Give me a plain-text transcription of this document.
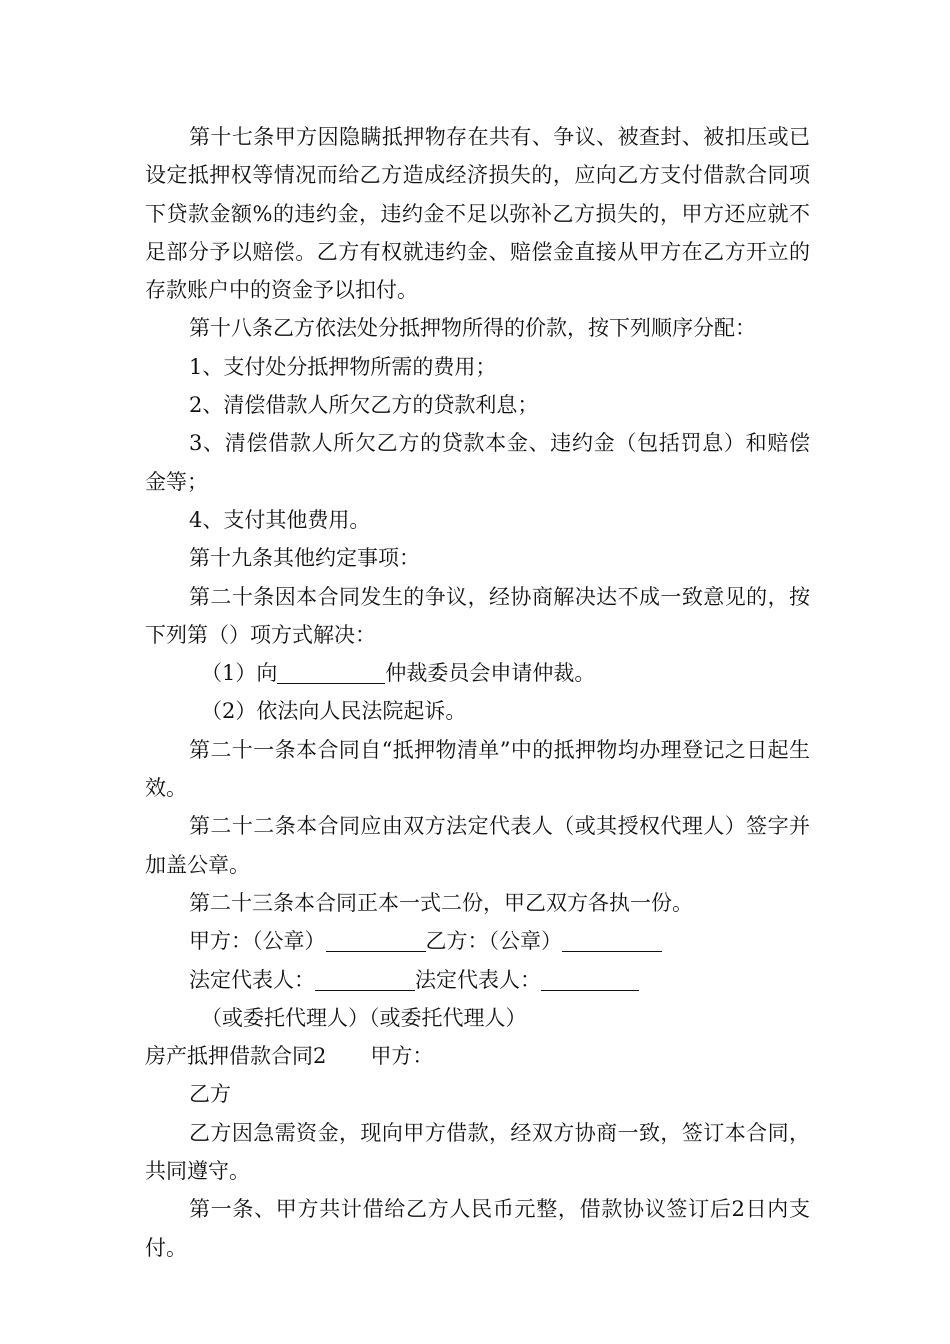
第十七条甲方因隐瞒抵押物存在共有、争议、被查封、被扣压或已设定抵押权等情况而给乙方造成经济损失的，应向乙方支付借款合同项下贷款金额%的违约金，违约金不足以弥补乙方损失的，甲方还应就不足部分予以赔偿。乙方有权就违约金、赔偿金直接从甲方在乙方开立的存款账户中的资金予以扣付。

第十八条乙方依法处分抵押物所得的价款，按下列顺序分配：

1、支付处分抵押物所需的费用；

2、清偿借款人所欠乙方的贷款利息；

3、清偿借款人所欠乙方的贷款本金、违约金（包括罚息）和赔偿金等；

4、支付其他费用。

第十九条其他约定事项：

第二十条因本合同发生的争议，经协商解决达不成一致意见的，按下列第（）项方式解决：

（1）向	仲裁委员会申请仲裁。

（2）依法向人民法院起诉。

第二十一条本合同自“抵押物清单”中的抵押物均办理登记之日起生效。

第二十二条本合同应由双方法定代表人（或其授权代理人）签字并加盖公章。

第二十三条本合同正本一式二份，甲乙双方各执一份。

甲方：（公章）	乙方：（公章）

法定代表人：	法定代表人：

（或委托代理人）（或委托代理人）

房产抵押借款合同2 甲方：

乙方

乙方因急需资金，现向甲方借款，经双方协商一致，签订本合同，共同遵守。

第一条、甲方共计借给乙方人民币元整，借款协议签订后2日内支付。
